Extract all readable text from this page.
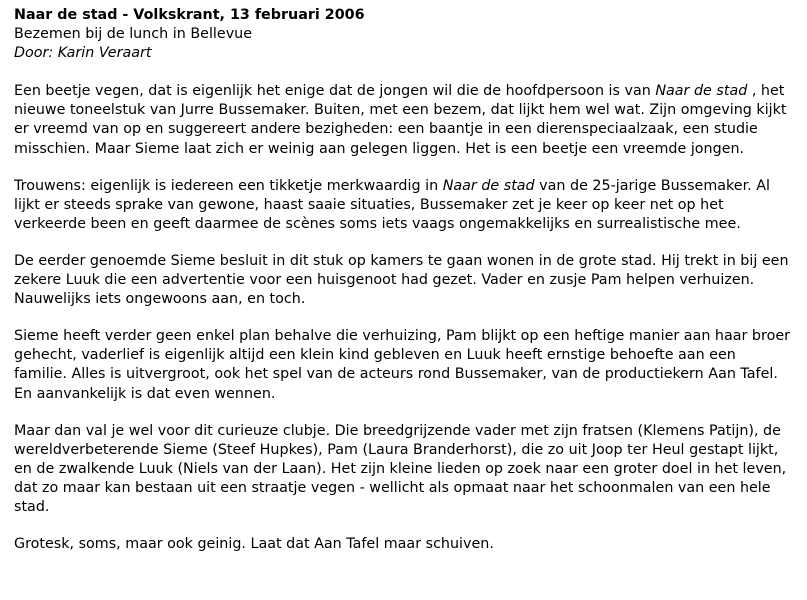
Naar de stad - Volkskrant, 13 februari 2006

Bezemen bij de lunch in Bellevue

Door: Karin Veraart

Een beetje vegen, dat is eigenlijk het enige dat de jongen wil die de hoofdpersoon is van Naar de stad , het nieuwe toneelstuk van Jurre Bussemaker. Buiten, met een bezem, dat lijkt hem wel wat. Zijn omgeving kijkt er vreemd van op en suggereert andere bezigheden: een baantje in een dierenspeciaalzaak, een studie misschien. Maar Sieme laat zich er weinig aan gelegen liggen. Het is een beetje een vreemde jongen.

Trouwens: eigenlijk is iedereen een tikketje merkwaardig in Naar de stad van de 25-jarige Bussemaker. Al lijkt er steeds sprake van gewone, haast saaie situaties, Bussemaker zet je keer op keer net op het verkeerde been en geeft daarmee de scènes soms iets vaags ongemakkelijks en surrealistische mee.

De eerder genoemde Sieme besluit in dit stuk op kamers te gaan wonen in de grote stad. Hij trekt in bij een zekere Luuk die een advertentie voor een huisgenoot had gezet. Vader en zusje Pam helpen verhuizen. Nauwelijks iets ongewoons aan, en toch.

Sieme heeft verder geen enkel plan behalve die verhuizing, Pam blijkt op een heftige manier aan haar broer gehecht, vaderlief is eigenlijk altijd een klein kind gebleven en Luuk heeft ernstige behoefte aan een familie. Alles is uitvergroot, ook het spel van de acteurs rond Bussemaker, van de productiekern Aan Tafel. En aanvankelijk is dat even wennen.

Maar dan val je wel voor dit curieuze clubje. Die breedgrijzende vader met zijn fratsen (Klemens Patijn), de wereldverbeterende Sieme (Steef Hupkes), Pam (Laura Branderhorst), die zo uit Joop ter Heul gestapt lijkt, en de zwalkende Luuk (Niels van der Laan). Het zijn kleine lieden op zoek naar een groter doel in het leven, dat zo maar kan bestaan uit een straatje vegen - wellicht als opmaat naar het schoonmalen van een hele stad.

Grotesk, soms, maar ook geinig. Laat dat Aan Tafel maar schuiven.
